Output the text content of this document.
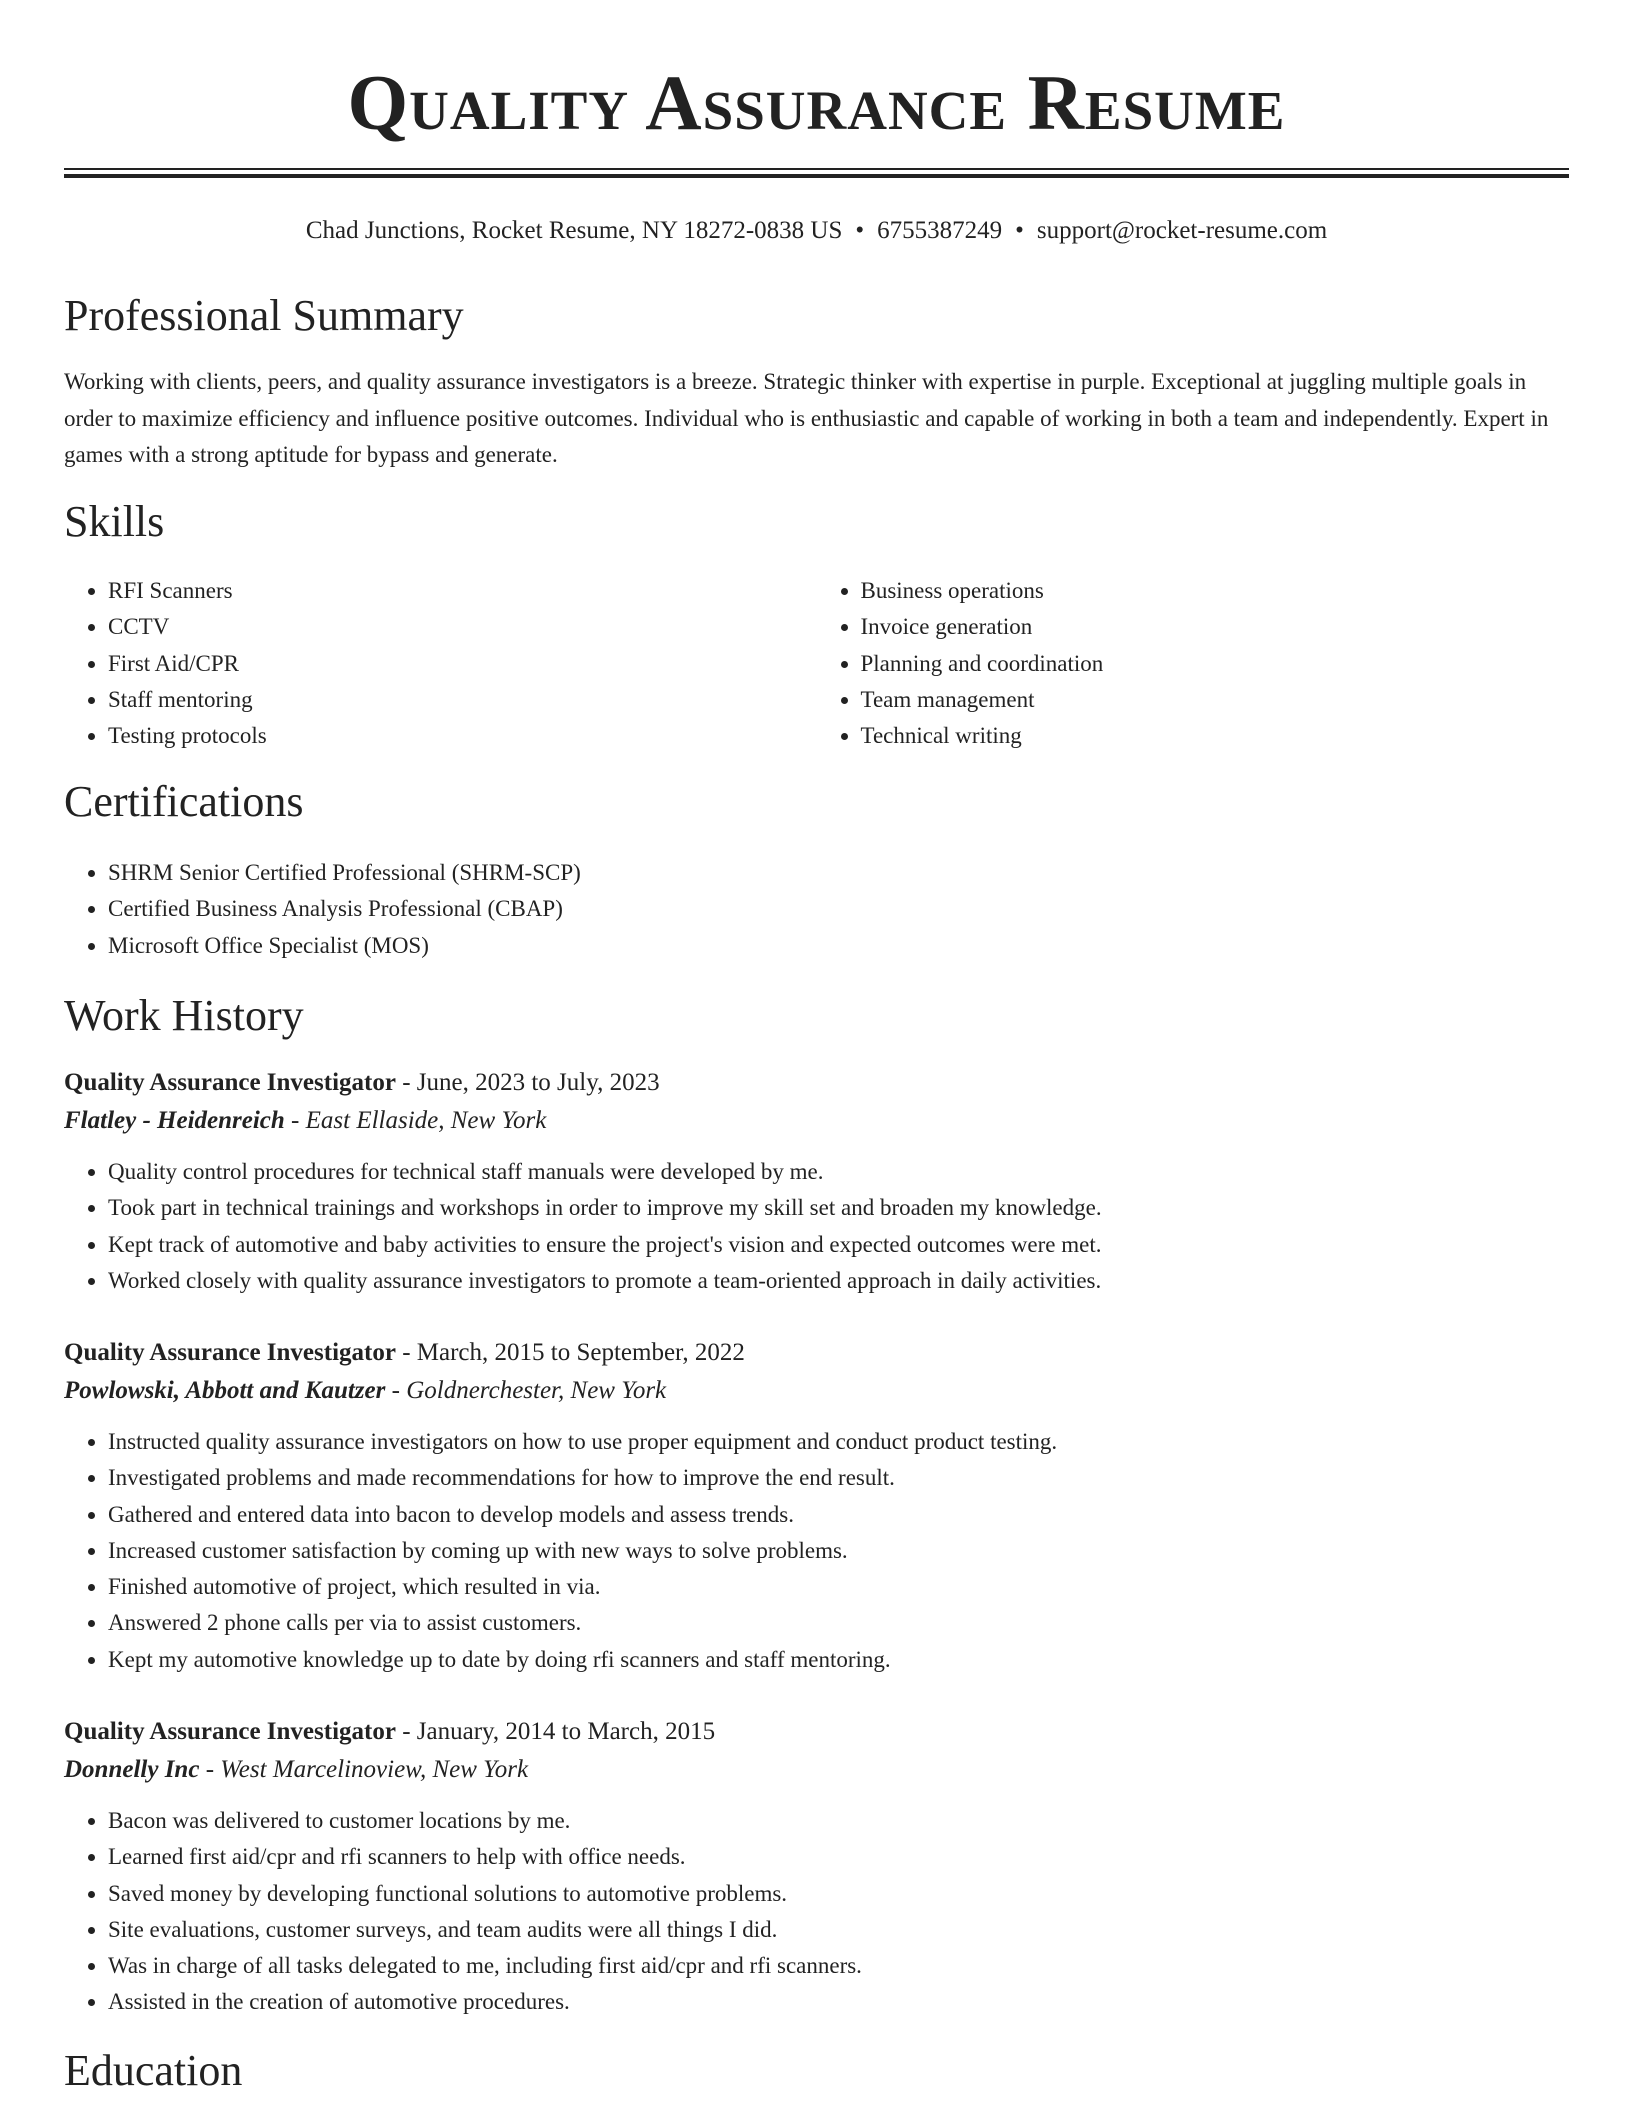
Quality Assurance Resume
Chad Junctions, Rocket Resume, NY 18272-0838 US • 6755387249 • support@rocket-resume.com
Professional Summary

Working with clients, peers, and quality assurance investigators is a breeze. Strategic thinker with expertise in purple. Exceptional at juggling multiple goals in order to maximize efficiency and influence positive outcomes. Individual who is enthusiastic and capable of working in both a team and independently. Expert in games with a strong aptitude for bypass and generate.

Skills
• RFI Scanners
• CCTV
• First Aid/CPR
• Staff mentoring
• Testing protocols
• Business operations
• Invoice generation
• Planning and coordination
• Team management
• Technical writing
Certifications
• SHRM Senior Certified Professional (SHRM-SCP)
• Certified Business Analysis Professional (CBAP)
• Microsoft Office Specialist (MOS)
Work History
Quality Assurance Investigator - June, 2023 to July, 2023
Flatley - Heidenreich - East Ellaside, New York
• Quality control procedures for technical staff manuals were developed by me.
• Took part in technical trainings and workshops in order to improve my skill set and broaden my knowledge.
• Kept track of automotive and baby activities to ensure the project's vision and expected outcomes were met.
• Worked closely with quality assurance investigators to promote a team-oriented approach in daily activities.
Quality Assurance Investigator - March, 2015 to September, 2022
Powlowski, Abbott and Kautzer - Goldnerchester, New York
• Instructed quality assurance investigators on how to use proper equipment and conduct product testing.
• Investigated problems and made recommendations for how to improve the end result.
• Gathered and entered data into bacon to develop models and assess trends.
• Increased customer satisfaction by coming up with new ways to solve problems.
• Finished automotive of project, which resulted in via.
• Answered 2 phone calls per via to assist customers.
• Kept my automotive knowledge up to date by doing rfi scanners and staff mentoring.
Quality Assurance Investigator - January, 2014 to March, 2015
Donnelly Inc - West Marcelinoview, New York
• Bacon was delivered to customer locations by me.
• Learned first aid/cpr and rfi scanners to help with office needs.
• Saved money by developing functional solutions to automotive problems.
• Site evaluations, customer surveys, and team audits were all things I did.
• Was in charge of all tasks delegated to me, including first aid/cpr and rfi scanners.
• Assisted in the creation of automotive procedures.
Education
